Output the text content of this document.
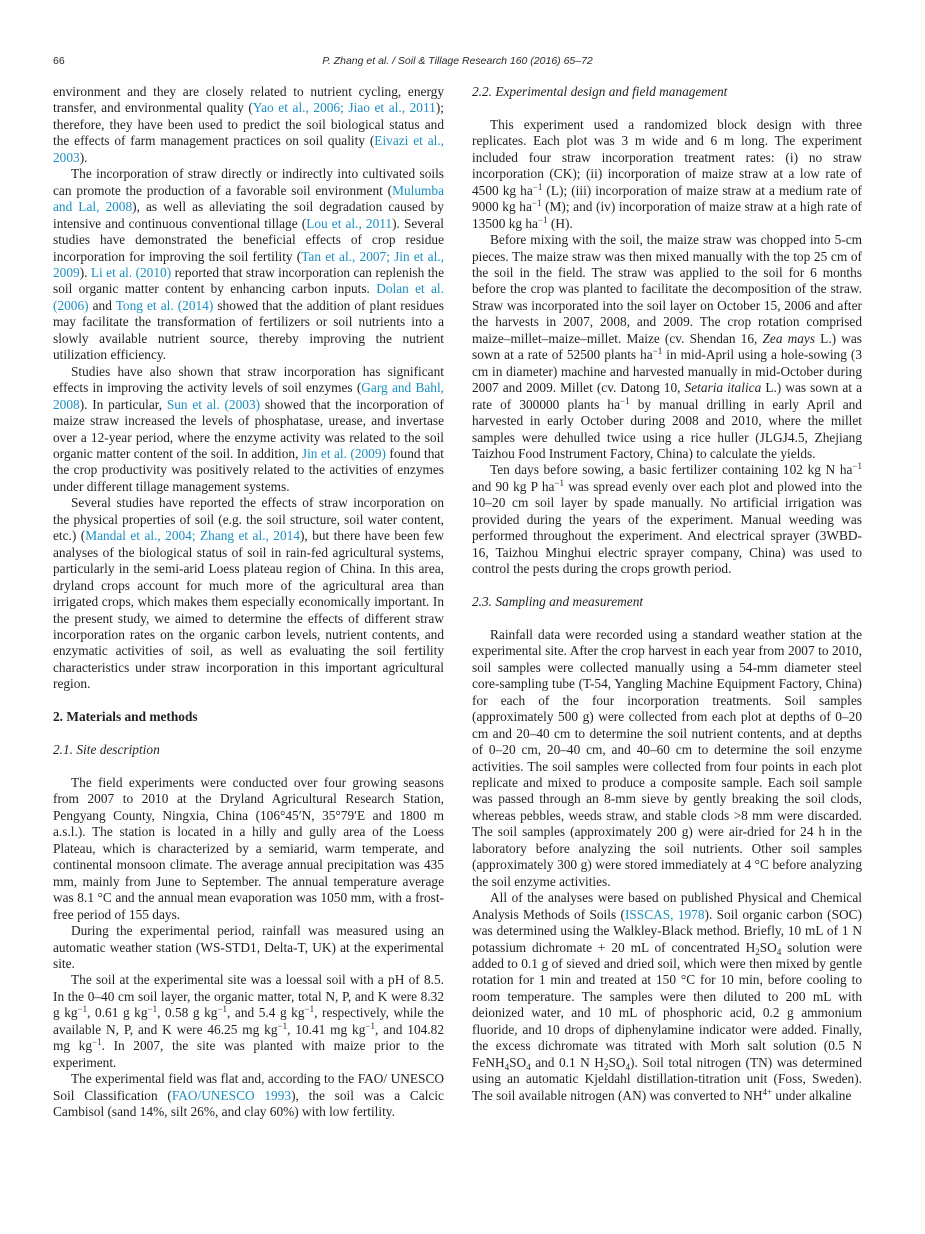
66	P. Zhang et al. / Soil & Tillage Research 160 (2016) 65–72

environment and they are closely related to nutrient cycling, energy transfer, and environmental quality (Yao et al., 2006; Jiao et al., 2011); therefore, they have been used to predict the soil biological status and the effects of farm management practices on soil quality (Eivazi et al., 2003).

The incorporation of straw directly or indirectly into cultivated soils can promote the production of a favorable soil environment (Mulumba and Lal, 2008), as well as alleviating the soil degradation caused by intensive and continuous conventional tillage (Lou et al., 2011). Several studies have demonstrated the beneficial effects of crop residue incorporation for improving the soil fertility (Tan et al., 2007; Jin et al., 2009). Li et al. (2010) reported that straw incorporation can replenish the soil organic matter content by enhancing carbon inputs. Dolan et al. (2006) and Tong et al. (2014) showed that the addition of plant residues may facilitate the transformation of fertilizers or soil nutrients into a slowly available nutrient source, thereby improving the nutrient utilization efficiency.

Studies have also shown that straw incorporation has significant effects in improving the activity levels of soil enzymes (Garg and Bahl, 2008). In particular, Sun et al. (2003) showed that the incorporation of maize straw increased the levels of phosphatase, urease, and invertase over a 12-year period, where the enzyme activity was related to the soil organic matter content of the soil. In addition, Jin et al. (2009) found that the crop productivity was positively related to the activities of enzymes under different tillage management systems.

Several studies have reported the effects of straw incorporation on the physical properties of soil (e.g. the soil structure, soil water content, etc.) (Mandal et al., 2004; Zhang et al., 2014), but there have been few analyses of the biological status of soil in rain-fed agricultural systems, particularly in the semi-arid Loess plateau region of China. In this area, dryland crops account for much more of the agricultural area than irrigated crops, which makes them especially economically important. In the present study, we aimed to determine the effects of different straw incorporation rates on the organic carbon levels, nutrient contents, and enzymatic activities of soil, as well as evaluating the soil fertility characteristics under straw incorporation in this important agricultural region.

2. Materials and methods
2.1. Site description

The field experiments were conducted over four growing seasons from 2007 to 2010 at the Dryland Agricultural Research Station, Pengyang County, Ningxia, China (106°45′N, 35°79′E and 1800 m a.s.l.). The station is located in a hilly and gully area of the Loess Plateau, which is characterized by a semiarid, warm temperate, and continental monsoon climate. The average annual precipitation was 435 mm, mainly from June to September. The annual temperature average was 8.1 °C and the annual mean evaporation was 1050 mm, with a frost-free period of 155 days.

During the experimental period, rainfall was measured using an automatic weather station (WS-STD1, Delta-T, UK) at the experimental site.

The soil at the experimental site was a loessal soil with a pH of 8.5. In the 0–40 cm soil layer, the organic matter, total N, P, and K were 8.32 g $kg^{-1}$, 0.61 g $kg^{-1}$, 0.58 g $kg^{-1}$, and 5.4 g $kg^{-1}$, respectively, while the available N, P, and K were 46.25 mg $kg^{-1}$, 10.41 mg $kg^{-1}$, and 104.82 mg $kg^{-1}$. In 2007, the site was planted with maize prior to the experiment.

The experimental field was flat and, according to the FAO/ UNESCO Soil Classification (FAO/UNESCO 1993), the soil was a Calcic Cambisol (sand 14%, silt 26%, and clay 60%) with low fertility.

2.2. Experimental design and field management

This experiment used a randomized block design with three replicates. Each plot was 3 m wide and 6 m long. The experiment included four straw incorporation treatment rates: (i) no straw incorporation (CK); (ii) incorporation of maize straw at a low rate of 4500 kg $ha^{-1}$ (L); (iii) incorporation of maize straw at a medium rate of 9000 kg $ha^{-1}$ (M); and (iv) incorporation of maize straw at a high rate of 13500 kg $ha^{-1}$ (H).

Before mixing with the soil, the maize straw was chopped into 5-cm pieces. The maize straw was then mixed manually with the top 25 cm of the soil in the field. The straw was applied to the soil for 6 months before the crop was planted to facilitate the decomposition of the straw. Straw was incorporated into the soil layer on October 15, 2006 and after the harvests in 2007, 2008, and 2009. The crop rotation comprised maize–millet–maize–millet. Maize (cv. Shendan 16, Zea mays L.) was sown at a rate of 52500 plants $ha^{-1}$ in mid-April using a hole-sowing (3 cm in diameter) machine and harvested manually in mid-October during 2007 and 2009. Millet (cv. Datong 10, Setaria italica L.) was sown at a rate of 300000 plants $ha^{-1}$ by manual drilling in early April and harvested in early October during 2008 and 2010, where the millet samples were dehulled twice using a rice huller (JLGJ4.5, Zhejiang Taizhou Food Instrument Factory, China) to calculate the yields.

Ten days before sowing, a basic fertilizer containing 102 kg N $ha^{-1}$ and 90 kg P $ha^{-1}$ was spread evenly over each plot and plowed into the 10–20 cm soil layer by spade manually. No artificial irrigation was provided during the years of the experiment. Manual weeding was performed throughout the experiment. And electrical sprayer (3WBD-16, Taizhou Minghui electric sprayer company, China) was used to control the pests during the crops growth period.

2.3. Sampling and measurement

Rainfall data were recorded using a standard weather station at the experimental site. After the crop harvest in each year from 2007 to 2010, soil samples were collected manually using a 54-mm diameter steel core-sampling tube (T-54, Yangling Machine Equipment Factory, China) for each of the four incorporation treatments. Soil samples (approximately 500 g) were collected from each plot at depths of 0–20 cm and 20–40 cm to determine the soil nutrient contents, and at depths of 0–20 cm, 20–40 cm, and 40–60 cm to determine the soil enzyme activities. The soil samples were collected from four points in each plot replicate and mixed to produce a composite sample. Each soil sample was passed through an 8-mm sieve by gently breaking the soil clods, whereas pebbles, weeds straw, and stable clods >8 mm were discarded. The soil samples (approximately 200 g) were air-dried for 24 h in the laboratory before analyzing the soil nutrients. Other soil samples (approximately 300 g) were stored immediately at 4 °C before analyzing the soil enzyme activities.

All of the analyses were based on published Physical and Chemical Analysis Methods of Soils (ISSCAS, 1978). Soil organic carbon (SOC) was determined using the Walkley-Black method. Briefly, 10 mL of 1 N potassium dichromate + 20 mL of concentrated $H_2SO_4$ solution were added to 0.1 g of sieved and dried soil, which were then mixed by gentle rotation for 1 min and treated at 150 °C for 10 min, before cooling to room temperature. The samples were then diluted to 200 mL with deionized water, and 10 mL of phosphoric acid, 0.2 g ammonium fluoride, and 10 drops of diphenylamine indicator were added. Finally, the excess dichromate was titrated with Morh salt solution (0.5 N $FeNH_4SO_4$ and 0.1 N $H_2SO_4$). Soil total nitrogen (TN) was determined using an automatic Kjeldahl distillation-titration unit (Foss, Sweden). The soil available nitrogen (AN) was converted to $NH^{4+}$ under alkaline
